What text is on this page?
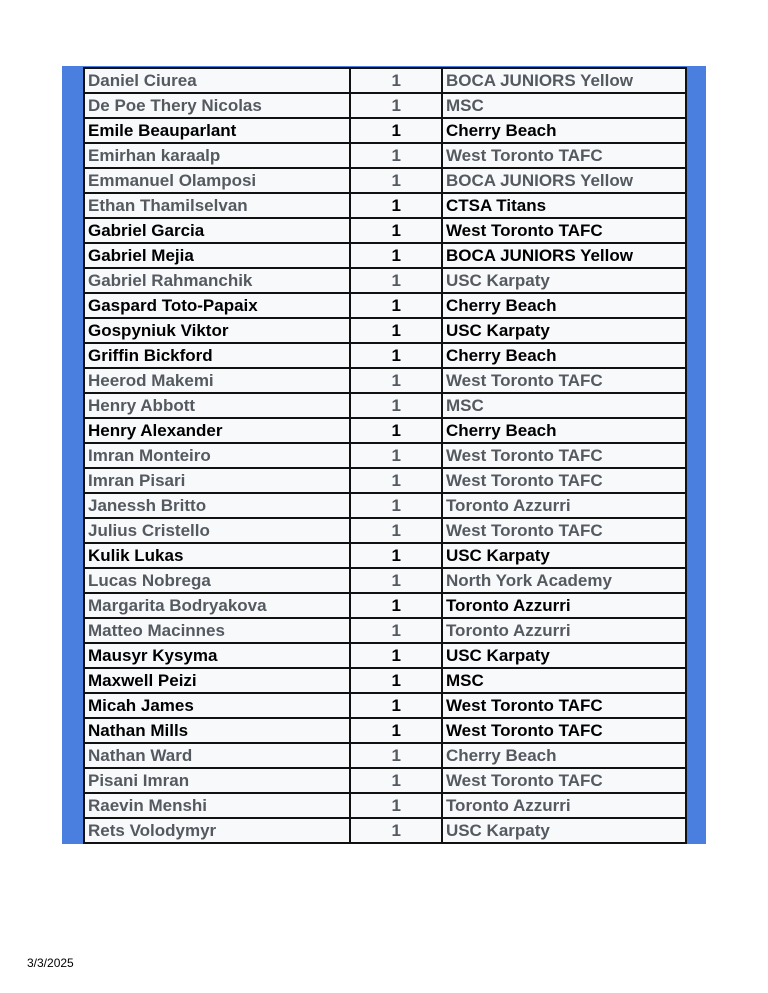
Daniel Ciurea	1	BOCA JUNIORS Yellow
De Poe Thery Nicolas	1	MSC
Emile Beauparlant	1	Cherry Beach
Emirhan karaalp	1	West Toronto TAFC
Emmanuel Olamposi	1	BOCA JUNIORS Yellow
Ethan Thamilselvan	1	CTSA Titans
Gabriel Garcia	1	West Toronto TAFC
Gabriel Mejia	1	BOCA JUNIORS Yellow
Gabriel Rahmanchik	1	USC Karpaty
Gaspard Toto-Papaix	1	Cherry Beach
Gospyniuk Viktor	1	USC Karpaty
Griffin Bickford	1	Cherry Beach
Heerod Makemi	1	West Toronto TAFC
Henry Abbott	1	MSC
Henry Alexander	1	Cherry Beach
Imran Monteiro	1	West Toronto TAFC
Imran Pisari	1	West Toronto TAFC
Janessh Britto	1	Toronto Azzurri
Julius Cristello	1	West Toronto TAFC
Kulik Lukas	1	USC Karpaty
Lucas Nobrega	1	North York Academy
Margarita Bodryakova	1	Toronto Azzurri
Matteo Macinnes	1	Toronto Azzurri
Mausyr Kysyma	1	USC Karpaty
Maxwell Peizi	1	MSC
Micah James	1	West Toronto TAFC
Nathan Mills	1	West Toronto TAFC
Nathan Ward	1	Cherry Beach
Pisani Imran	1	West Toronto TAFC
Raevin Menshi	1	Toronto Azzurri
Rets Volodymyr	1	USC Karpaty
3/3/2025
